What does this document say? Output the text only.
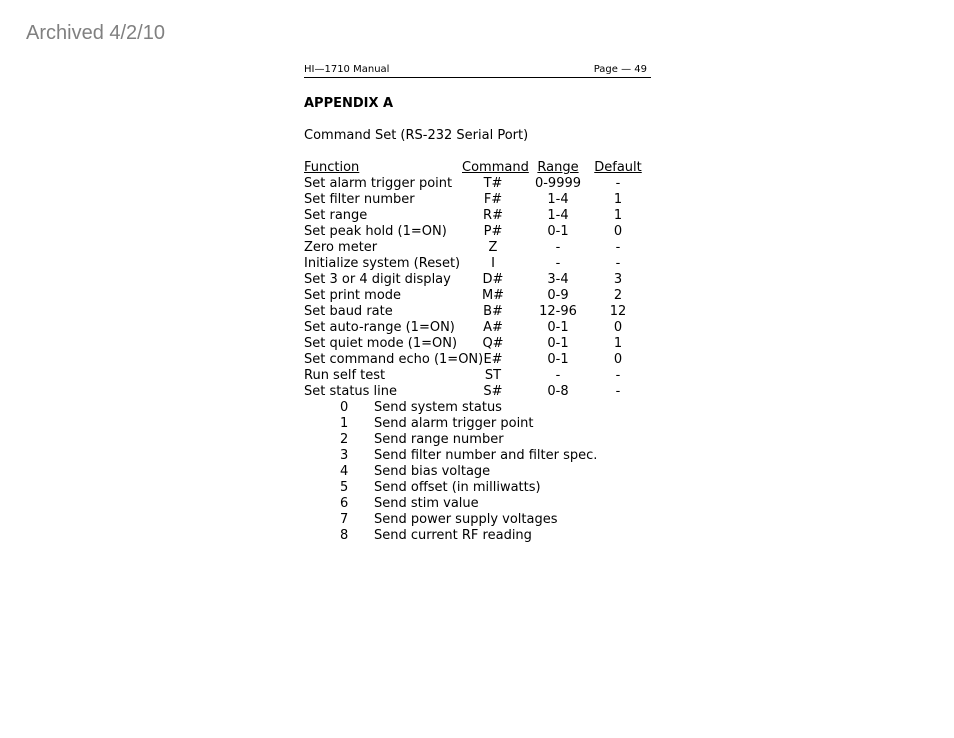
Archived 4/2/10
HI—1710 Manual	Page — 49
APPENDIX A
Command Set (RS-232 Serial Port)
Function	Command Range	Default
Set alarm trigger point	T#	0-9999	-
Set filter number	F#	1-4	1
Set range	R#	1-4	1
Set peak hold (1=ON)	P#	0-1	0
Zero meter	Z	-	-
Initialize system (Reset)	I	-	-
Set 3 or 4 digit display	D#	3-4	3
Set print mode	M#	0-9	2
Set baud rate	B#	12-96	12
Set auto-range (1=ON)	A#	0-1	0
Set quiet mode (1=ON)	Q#	0-1	1
Set command echo (1=ON) E#	0-1	0
Run self test	ST	-	-
Set status line	S#	0-8	-
0	Send system status
1	Send alarm trigger point
2	Send range number
3	Send filter number and filter spec.
4	Send bias voltage
5	Send offset (in milliwatts)
6	Send stim value
7	Send power supply voltages
8	Send current RF reading
